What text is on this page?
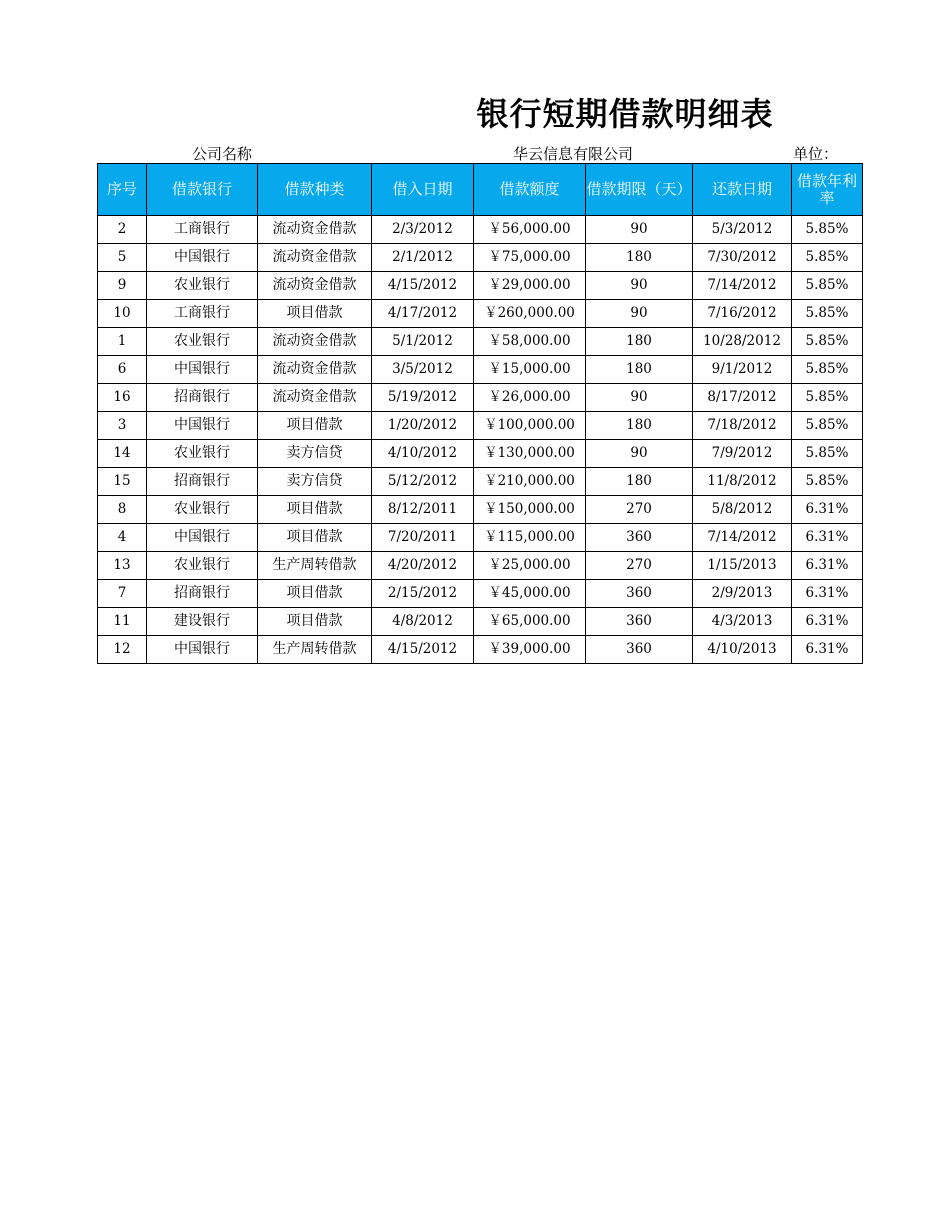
银行短期借款明细表
公司名称	华云信息有限公司	单位：
序号	借款银行	借款种类	借入日期	借款额度	借款期限（天）	还款日期	借款年利率
2	工商银行	流动资金借款	2/3/2012	￥56,000.00	90	5/3/2012	5.85%
5	中国银行	流动资金借款	2/1/2012	￥75,000.00	180	7/30/2012	5.85%
9	农业银行	流动资金借款	4/15/2012	￥29,000.00	90	7/14/2012	5.85%
10	工商银行	项目借款	4/17/2012	￥260,000.00	90	7/16/2012	5.85%
1	农业银行	流动资金借款	5/1/2012	￥58,000.00	180	10/28/2012	5.85%
6	中国银行	流动资金借款	3/5/2012	￥15,000.00	180	9/1/2012	5.85%
16	招商银行	流动资金借款	5/19/2012	￥26,000.00	90	8/17/2012	5.85%
3	中国银行	项目借款	1/20/2012	￥100,000.00	180	7/18/2012	5.85%
14	农业银行	卖方信贷	4/10/2012	￥130,000.00	90	7/9/2012	5.85%
15	招商银行	卖方信贷	5/12/2012	￥210,000.00	180	11/8/2012	5.85%
8	农业银行	项目借款	8/12/2011	￥150,000.00	270	5/8/2012	6.31%
4	中国银行	项目借款	7/20/2011	￥115,000.00	360	7/14/2012	6.31%
13	农业银行	生产周转借款	4/20/2012	￥25,000.00	270	1/15/2013	6.31%
7	招商银行	项目借款	2/15/2012	￥45,000.00	360	2/9/2013	6.31%
11	建设银行	项目借款	4/8/2012	￥65,000.00	360	4/3/2013	6.31%
12	中国银行	生产周转借款	4/15/2012	￥39,000.00	360	4/10/2013	6.31%
